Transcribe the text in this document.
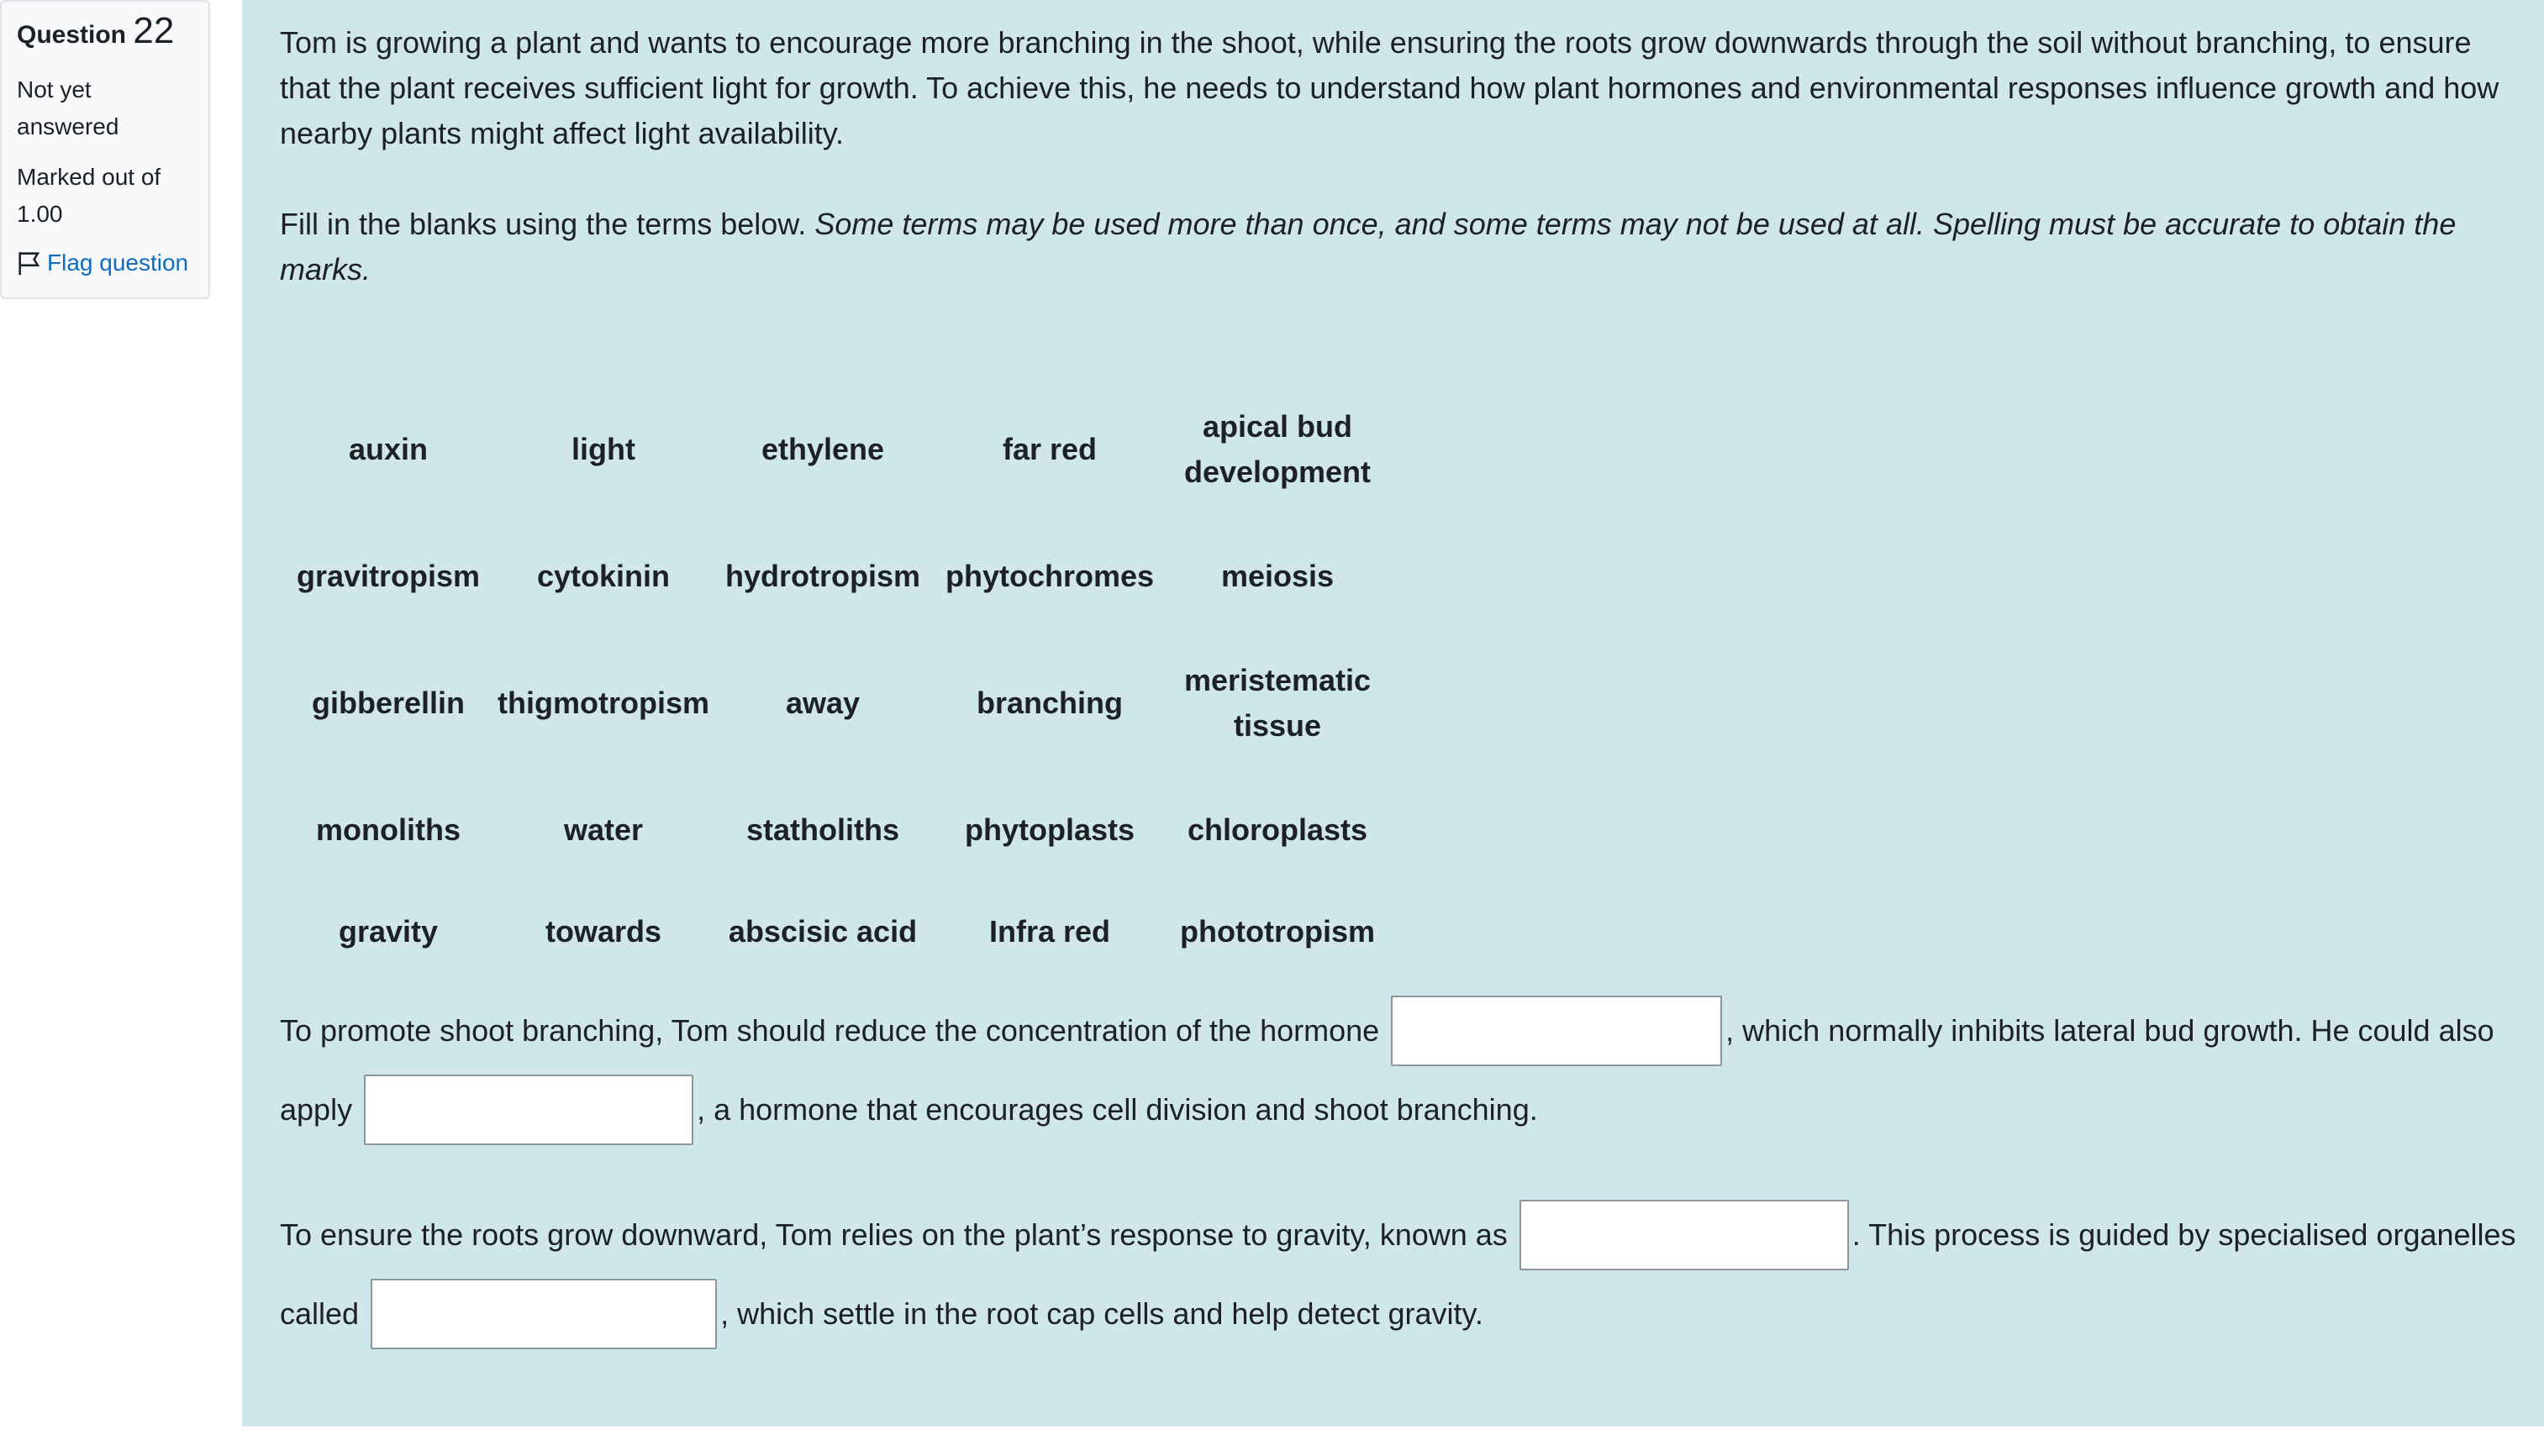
Question 22
Not yet answered
Marked out of 1.00
Flag question

Tom is growing a plant and wants to encourage more branching in the shoot, while ensuring the roots grow downwards through the soil without branching, to ensure that the plant receives sufficient light for growth. To achieve this, he needs to understand how plant hormones and environmental responses influence growth and how nearby plants might affect light availability.

Fill in the blanks using the terms below. Some terms may be used more than once, and some terms may not be used at all. Spelling must be accurate to obtain the marks.

auxin	light	ethylene	far red	apical bud development
gravitropism	cytokinin	hydrotropism	phytochromes	meiosis
gibberellin	thigmotropism	away	branching	meristematic tissue
monoliths	water	statholiths	phytoplasts	chloroplasts
gravity	towards	abscisic acid	Infra red	phototropism

To promote shoot branching, Tom should reduce the concentration of the hormone	, which normally inhibits lateral bud growth. He could also apply	, a hormone that encourages cell division and shoot branching.

To ensure the roots grow downward, Tom relies on the plant’s response to gravity, known as	. This process is guided by specialised organelles called	, which settle in the root cap cells and help detect gravity.
